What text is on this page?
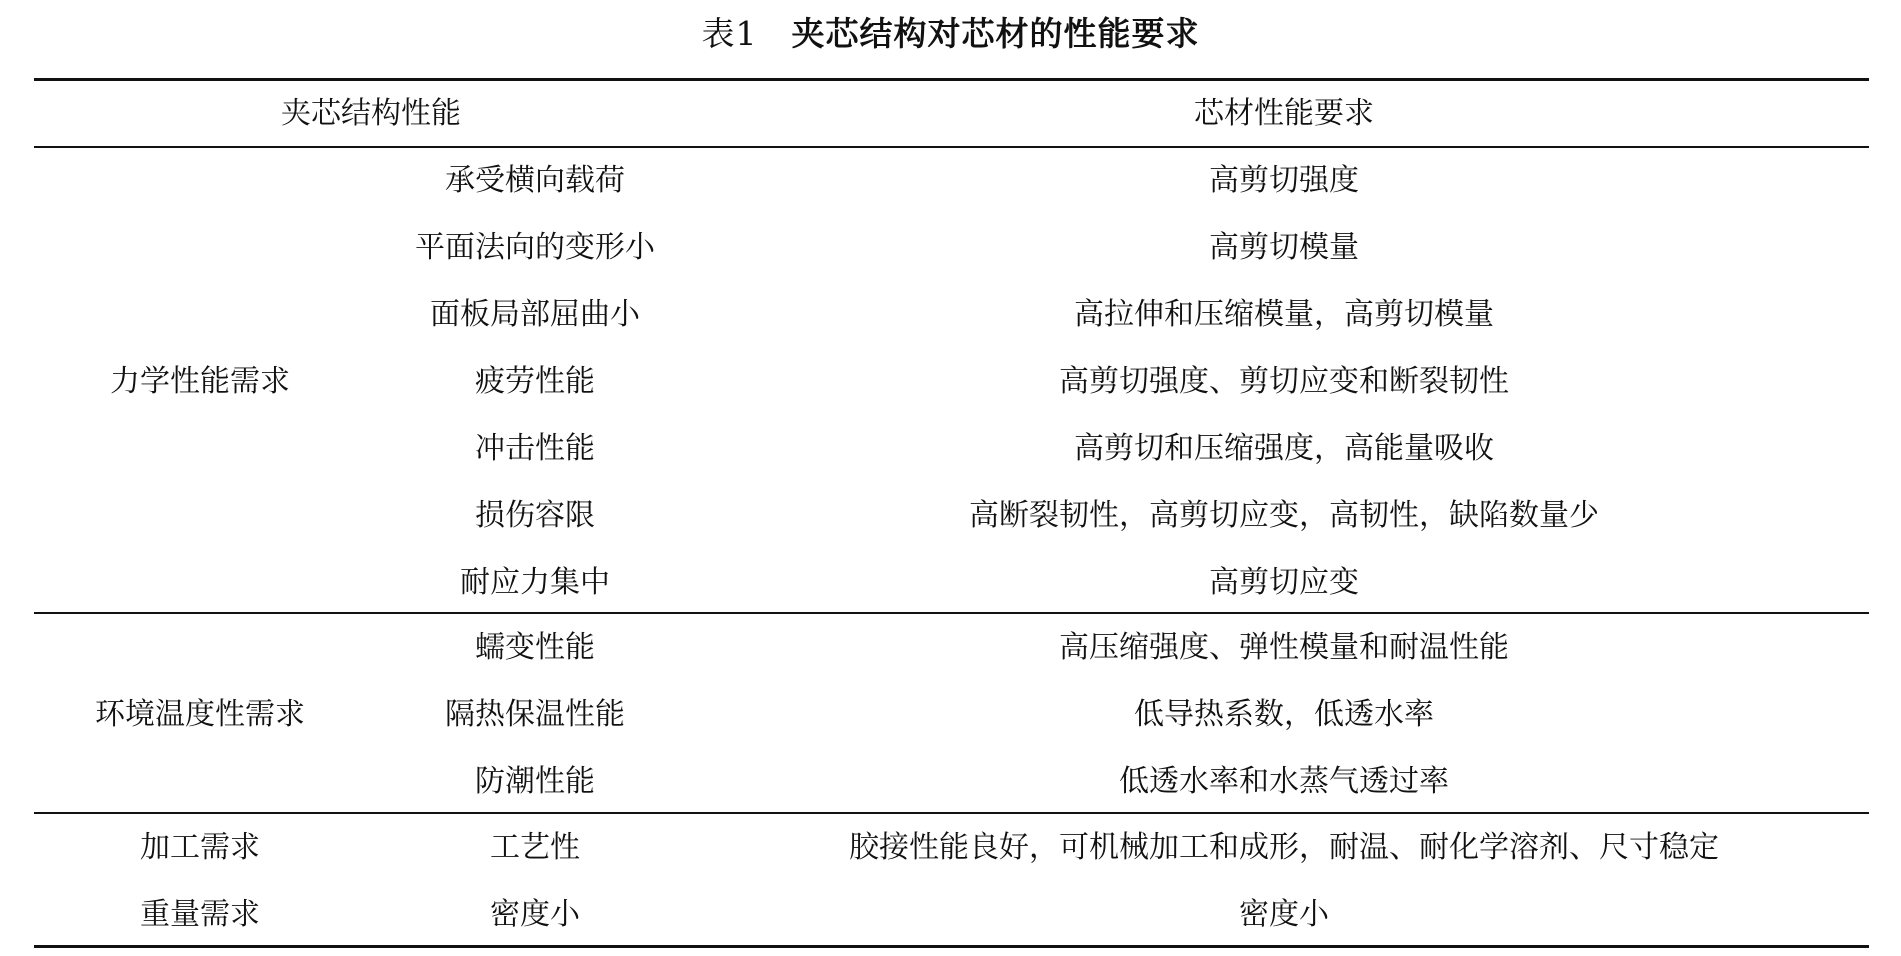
表1 夹芯结构对芯材的性能要求
夹芯结构性能	芯材性能要求
力学性能需求
承受横向载荷	高剪切强度
平面法向的变形小	高剪切模量
面板局部屈曲小	高拉伸和压缩模量，高剪切模量
疲劳性能	高剪切强度、剪切应变和断裂韧性
冲击性能	高剪切和压缩强度，高能量吸收
损伤容限	高断裂韧性，高剪切应变，高韧性，缺陷数量少
耐应力集中	高剪切应变
环境温度性需求
蠕变性能	高压缩强度、弹性模量和耐温性能
隔热保温性能	低导热系数，低透水率
防潮性能	低透水率和水蒸气透过率
加工需求	工艺性	胶接性能良好，可机械加工和成形，耐温、耐化学溶剂、尺寸稳定
重量需求	密度小	密度小
